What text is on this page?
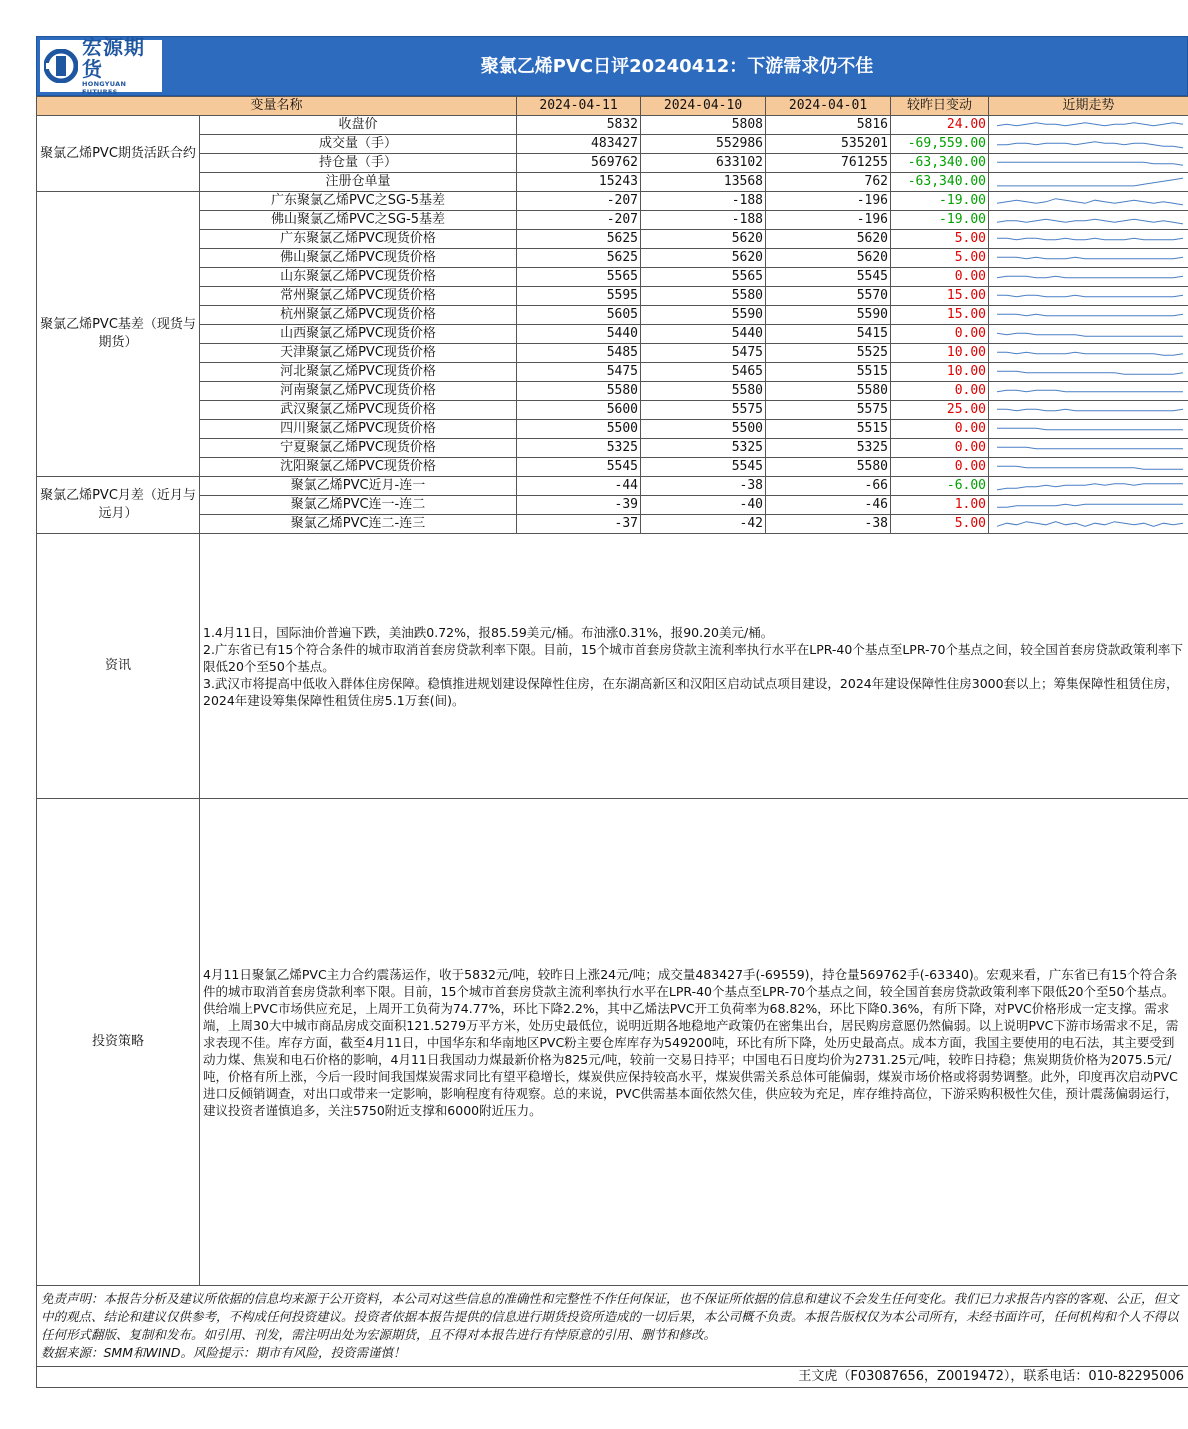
宏源期货
HONGYUAN FUTURES
聚氯乙烯PVC日评20240412：下游需求仍不佳
变量名称		2024-04-11	2024-04-10	2024-04-01	较昨日变动	近期走势
聚氯乙烯PVC期货活跃合约	收盘价	5832	5808	5816	24.00	

	成交量（手）	483427	552986	535201	-69,559.00	

	持仓量（手）	569762	633102	761255	-63,340.00	

	注册仓单量	15243	13568	762	-63,340.00	

聚氯乙烯PVC基差（现货与期货）	广东聚氯乙烯PVC之SG-5基差	-207	-188	-196	-19.00	

	佛山聚氯乙烯PVC之SG-5基差	-207	-188	-196	-19.00	

	广东聚氯乙烯PVC现货价格	5625	5620	5620	5.00	

	佛山聚氯乙烯PVC现货价格	5625	5620	5620	5.00	

	山东聚氯乙烯PVC现货价格	5565	5565	5545	0.00	

	常州聚氯乙烯PVC现货价格	5595	5580	5570	15.00	

	杭州聚氯乙烯PVC现货价格	5605	5590	5590	15.00	

	山西聚氯乙烯PVC现货价格	5440	5440	5415	0.00	

	天津聚氯乙烯PVC现货价格	5485	5475	5525	10.00	

	河北聚氯乙烯PVC现货价格	5475	5465	5515	10.00	

	河南聚氯乙烯PVC现货价格	5580	5580	5580	0.00	

	武汉聚氯乙烯PVC现货价格	5600	5575	5575	25.00	

	四川聚氯乙烯PVC现货价格	5500	5500	5515	0.00	

	宁夏聚氯乙烯PVC现货价格	5325	5325	5325	0.00	

	沈阳聚氯乙烯PVC现货价格	5545	5545	5580	0.00	

聚氯乙烯PVC月差（近月与远月）	聚氯乙烯PVC近月-连一	-44	-38	-66	-6.00	

	聚氯乙烯PVC连一-连二	-39	-40	-46	1.00	

	聚氯乙烯PVC连二-连三	-37	-42	-38	5.00	

资讯	1.4月11日，国际油价普遍下跌，美油跌0.72%，报85.59美元/桶。布油涨0.31%，报90.20美元/桶。
2.广东省已有15个符合条件的城市取消首套房贷款利率下限。目前，15个城市首套房贷款主流利率执行水平在LPR-40个基点至LPR-70个基点之间，较全国首套房贷款政策利率下限低20个至50个基点。
3.武汉市将提高中低收入群体住房保障。稳慎推进规划建设保障性住房，在东湖高新区和汉阳区启动试点项目建设，2024年建设保障性住房3000套以上；筹集保障性租赁住房，2024年建设筹集保障性租赁住房5.1万套(间)。					
投资策略	4月11日聚氯乙烯PVC主力合约震荡运作，收于5832元/吨，较昨日上涨24元/吨；成交量483427手(-69559)，持仓量569762手(-63340)。宏观来看，广东省已有15个符合条件的城市取消首套房贷款利率下限。目前，15个城市首套房贷款主流利率执行水平在LPR-40个基点至LPR-70个基点之间，较全国首套房贷款政策利率下限低20个至50个基点。供给端上PVC市场供应充足，上周开工负荷为74.77%，环比下降2.2%，其中乙烯法PVC开工负荷率为68.82%，环比下降0.36%，有所下降，对PVC价格形成一定支撑。需求端，上周30大中城市商品房成交面积121.5279万平方米，处历史最低位，说明近期各地稳地产政策仍在密集出台，居民购房意愿仍然偏弱。以上说明PVC下游市场需求不足，需求表现不佳。库存方面，截至4月11日，中国华东和华南地区PVC粉主要仓库库存为549200吨，环比有所下降，处历史最高点。成本方面，我国主要使用的电石法，其主要受到动力煤、焦炭和电石价格的影响，4月11日我国动力煤最新价格为825元/吨，较前一交易日持平；中国电石日度均价为2731.25元/吨，较昨日持稳；焦炭期货价格为2075.5元/吨，价格有所上涨，今后一段时间我国煤炭需求同比有望平稳增长，煤炭供应保持较高水平，煤炭供需关系总体可能偏弱，煤炭市场价格或将弱势调整。此外，印度再次启动PVC进口反倾销调查，对出口或带来一定影响，影响程度有待观察。总的来说，PVC供需基本面依然欠佳，供应较为充足，库存维持高位，下游采购积极性欠佳，预计震荡偏弱运行，建议投资者谨慎追多，关注5750附近支撑和6000附近压力。					
免责声明：本报告分析及建议所依据的信息均来源于公开资料，本公司对这些信息的准确性和完整性不作任何保证，也不保证所依据的信息和建议不会发生任何变化。我们已力求报告内容的客观、公正，但文中的观点、结论和建议仅供参考，不构成任何投资建议。投资者依据本报告提供的信息进行期货投资所造成的一切后果，本公司概不负责。本报告版权仅为本公司所有，未经书面许可，任何机构和个人不得以任何形式翻版、复制和发布。如引用、刊发，需注明出处为宏源期货，且不得对本报告进行有悖原意的引用、删节和修改。
数据来源：SMM和WIND。风险提示：期市有风险，投资需谨慎！						
王文虎（F03087656，Z0019472），联系电话：010-82295006						
